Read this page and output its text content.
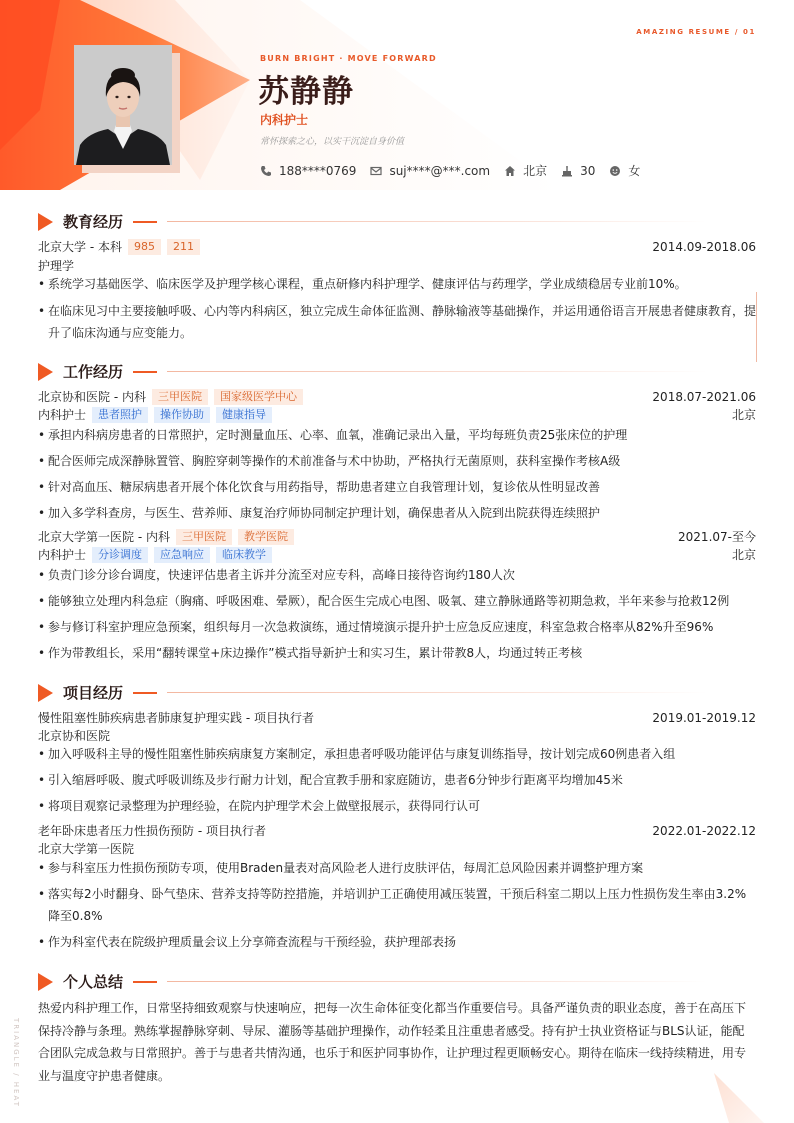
AMAZING RESUME / 01
BURN BRIGHT · MOVE FORWARD
苏静静
内科护士
常怀探索之心，以实干沉淀自身价值
188****0769	suj****@***.com	北京	30	女
教育经历
北京大学 - 本科	985	211	2014.09-2018.06
护理学
• 系统学习基础医学、临床医学及护理学核心课程，重点研修内科护理学、健康评估与药理学，学业成绩稳居专业前10%。
• 在临床见习中主要接触呼吸、心内等内科病区，独立完成生命体征监测、静脉输液等基础操作，并运用通俗语言开展患者健康教育，提升了临床沟通与应变能力。
工作经历
北京协和医院 - 内科	三甲医院	国家级医学中心	2018.07-2021.06
内科护士	患者照护	操作协助	健康指导	北京
• 承担内科病房患者的日常照护，定时测量血压、心率、血氧，准确记录出入量，平均每班负责25张床位的护理
• 配合医师完成深静脉置管、胸腔穿刺等操作的术前准备与术中协助，严格执行无菌原则，获科室操作考核A级
• 针对高血压、糖尿病患者开展个体化饮食与用药指导，帮助患者建立自我管理计划，复诊依从性明显改善
• 加入多学科查房，与医生、营养师、康复治疗师协同制定护理计划，确保患者从入院到出院获得连续照护
北京大学第一医院 - 内科	三甲医院	教学医院	2021.07-至今
内科护士	分诊调度	应急响应	临床教学	北京
• 负责门诊分诊台调度，快速评估患者主诉并分流至对应专科，高峰日接待咨询约180人次
• 能够独立处理内科急症（胸痛、呼吸困难、晕厥），配合医生完成心电图、吸氧、建立静脉通路等初期急救，半年来参与抢救12例
• 参与修订科室护理应急预案，组织每月一次急救演练，通过情境演示提升护士应急反应速度，科室急救合格率从82%升至96%
• 作为带教组长，采用“翻转课堂+床边操作”模式指导新护士和实习生，累计带教8人，均通过转正考核
项目经历
慢性阻塞性肺疾病患者肺康复护理实践 - 项目执行者	2019.01-2019.12
北京协和医院
• 加入呼吸科主导的慢性阻塞性肺疾病康复方案制定，承担患者呼吸功能评估与康复训练指导，按计划完成60例患者入组
• 引入缩唇呼吸、腹式呼吸训练及步行耐力计划，配合宣教手册和家庭随访，患者6分钟步行距离平均增加45米
• 将项目观察记录整理为护理经验，在院内护理学术会上做壁报展示，获得同行认可
老年卧床患者压力性损伤预防 - 项目执行者	2022.01-2022.12
北京大学第一医院
• 参与科室压力性损伤预防专项，使用Braden量表对高风险老人进行皮肤评估，每周汇总风险因素并调整护理方案
• 落实每2小时翻身、卧气垫床、营养支持等防控措施，并培训护工正确使用减压装置，干预后科室二期以上压力性损伤发生率由3.2%降至0.8%
• 作为科室代表在院级护理质量会议上分享筛查流程与干预经验，获护理部表扬
个人总结
热爱内科护理工作，日常坚持细致观察与快速响应，把每一次生命体征变化都当作重要信号。具备严谨负责的职业态度，善于在高压下保持冷静与条理。熟练掌握静脉穿刺、导尿、灌肠等基础护理操作，动作轻柔且注重患者感受。持有护士执业资格证与BLS认证，能配合团队完成急救与日常照护。善于与患者共情沟通，也乐于和医护同事协作，让护理过程更顺畅安心。期待在临床一线持续精进，用专业与温度守护患者健康。
TRIANGLE / HEAT
